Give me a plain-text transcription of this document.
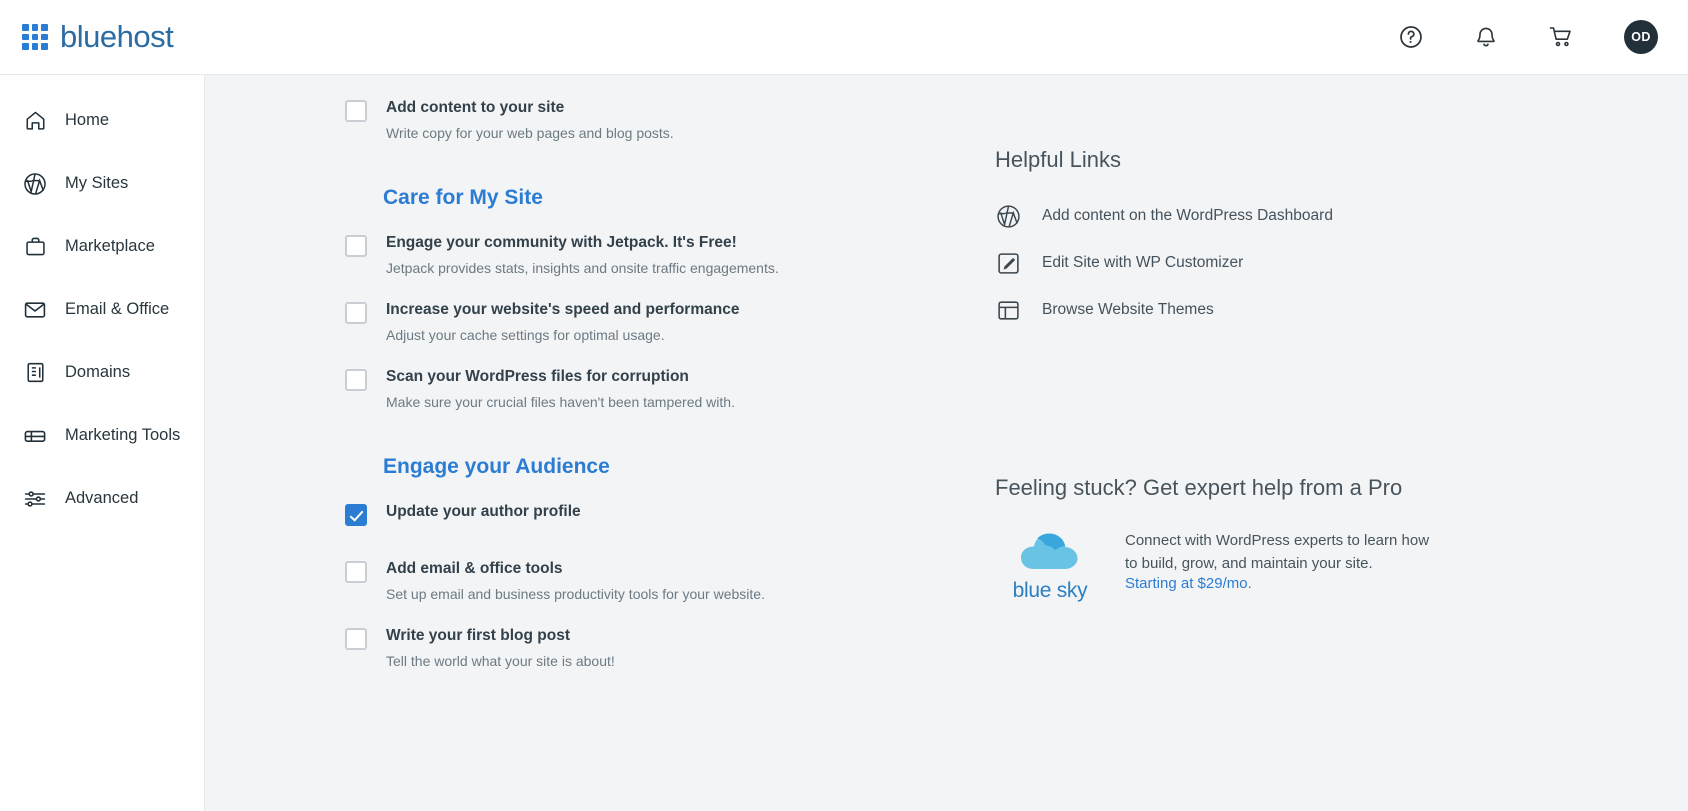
bluehost	OD
Home
My Sites
Marketplace
Email & Office
Domains
Marketing Tools
Advanced
Add content to your site
Write copy for your web pages and blog posts.
Care for My Site
Engage your community with Jetpack. It's Free!
Jetpack provides stats, insights and onsite traffic engagements.
Increase your website's speed and performance
Adjust your cache settings for optimal usage.
Scan your WordPress files for corruption
Make sure your crucial files haven't been tampered with.
Engage your Audience
Update your author profile
Add email & office tools
Set up email and business productivity tools for your website.
Write your first blog post
Tell the world what your site is about!
Helpful Links
Add content on the WordPress Dashboard
Edit Site with WP Customizer
Browse Website Themes
Feeling stuck? Get expert help from a Pro
blue sky
Connect with WordPress experts to learn how to build, grow, and maintain your site.
Starting at $29/mo.
